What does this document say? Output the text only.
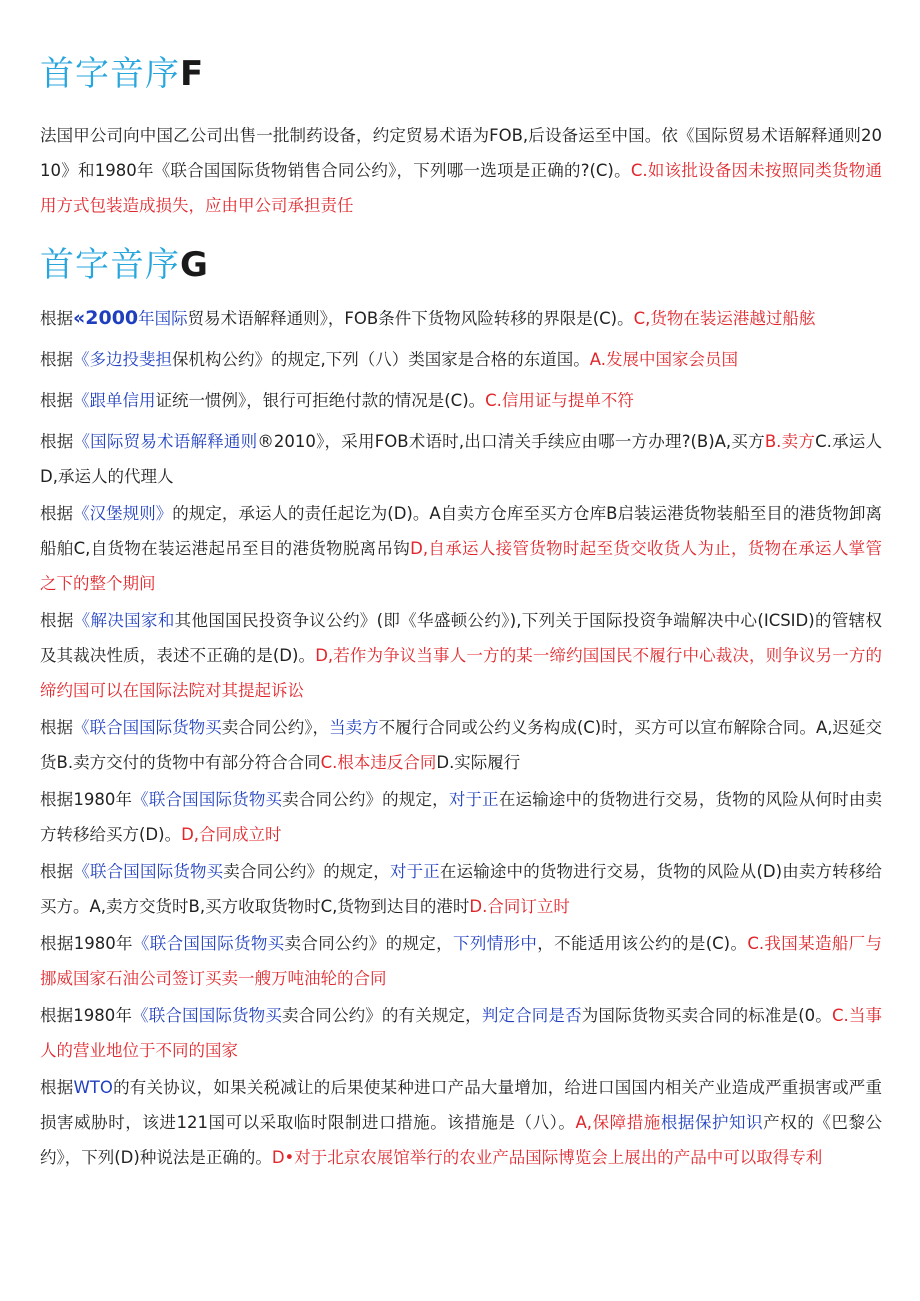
首字音序F

法国甲公司向中国乙公司出售一批制药设备，约定贸易术语为FOB,后设备运至中国。依《国际贸易术语解释通则2010》和1980年《联合国国际货物销售合同公约》，下列哪一选项是正确的?(C)。C.如该批设备因未按照同类货物通用方式包装造成损失，应由甲公司承担责任

首字音序G

根据«2000年国际贸易术语解释通则》，FOB条件下货物风险转移的界限是(C)。C,货物在装运港越过船舷

根据《多边投斐担保机构公约》的规定,下列（八）类国家是合格的东道国。A.发展中国家会员国

根据《跟单信用证统一惯例》，银行可拒绝付款的情况是(C)。C.信用证与提单不符

根据《国际贸易术语解释通则®2010》，采用FOB术语时,出口清关手续应由哪一方办理?(B)A,买方B.卖方C.承运人D,承运人的代理人

根据《汉堡规则》的规定，承运人的责任起讫为(D)。A自卖方仓库至买方仓库B启装运港货物装船至目的港货物卸离船舶C,自货物在装运港起吊至目的港货物脱离吊钩D,自承运人接管货物时起至货交收货人为止，货物在承运人掌管之下的整个期间

根据《解决国家和其他国国民投资争议公约》(即《华盛顿公约》),下列关于国际投资争端解决中心(ICSID)的管辖权及其裁决性质，表述不正确的是(D)。D,若作为争议当事人一方的某一缔约国国民不履行中心裁决，则争议另一方的缔约国可以在国际法院对其提起诉讼

根据《联合国国际货物买卖合同公约》，当卖方不履行合同或公约义务构成(C)时，买方可以宣布解除合同。A,迟延交货B.卖方交付的货物中有部分符合合同C.根本违反合同D.实际履行

根据1980年《联合国国际货物买卖合同公约》的规定，对于正在运输途中的货物进行交易，货物的风险从何时由卖方转移给买方(D)。D,合同成立时

根据《联合国国际货物买卖合同公约》的规定，对于正在运输途中的货物进行交易，货物的风险从(D)由卖方转移给买方。A,卖方交货时B,买方收取货物时C,货物到达目的港时D.合同订立时

根据1980年《联合国国际货物买卖合同公约》的规定，下列情形中，不能适用该公约的是(C)。C.我国某造船厂与挪威国家石油公司签订买卖一艘万吨油轮的合同

根据1980年《联合国国际货物买卖合同公约》的有关规定，判定合同是否为国际货物买卖合同的标准是(0。C.当事人的营业地位于不同的国家

根据WTO的有关协议，如果关税减让的后果使某种进口产品大量增加，给进口国国内相关产业造成严重损害或严重损害威胁时，该进121国可以采取临时限制进口措施。该措施是（八）。A,保障措施根据保护知识产权的《巴黎公约》，下列(D)种说法是正确的。D•对于北京农展馆举行的农业产品国际博览会上展出的产品中可以取得专利
